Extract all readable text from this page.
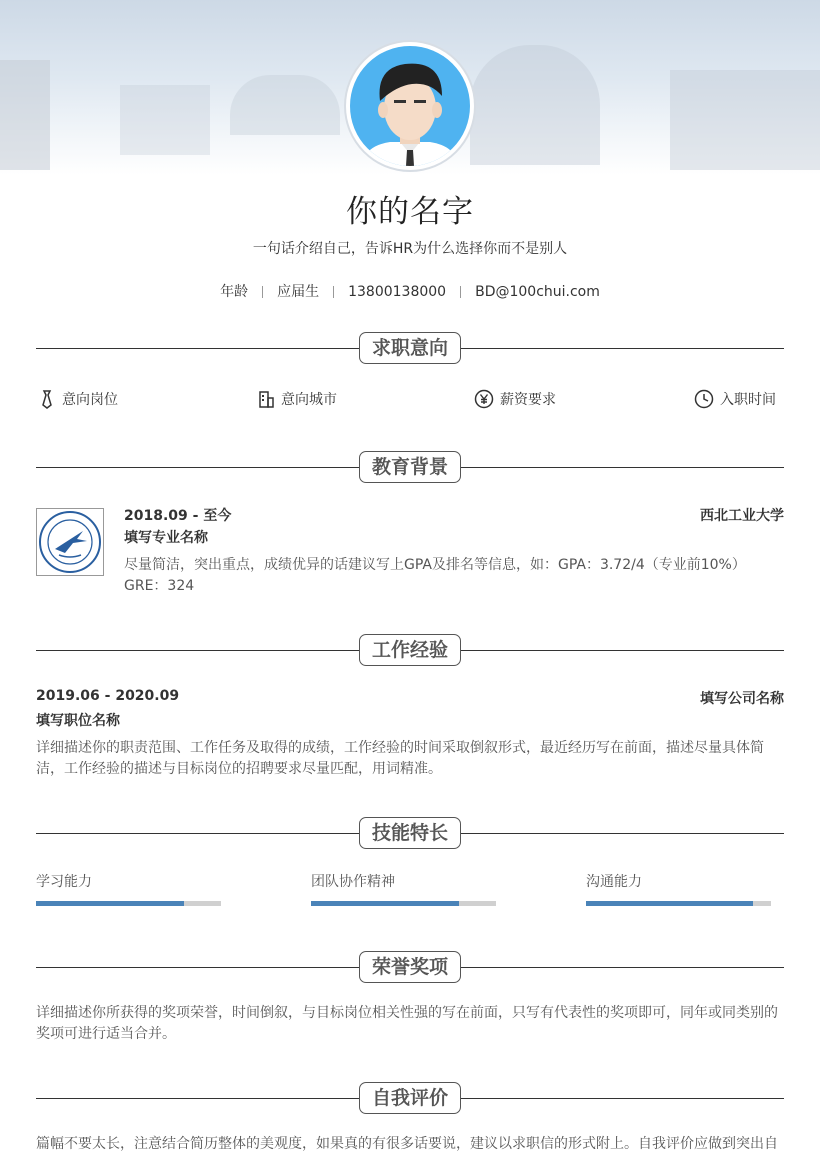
你的名字
一句话介绍自己，告诉HR为什么选择你而不是别人
年龄 应届生 13800138000 BD@100chui.com
求职意向
意向岗位	意向城市	薪资要求	入职时间
教育背景
2018.09 - 至今	西北工业大学
填写专业名称
尽量简洁，突出重点，成绩优异的话建议写上GPA及排名等信息，如：GPA：3.72/4（专业前10%） GRE：324
工作经验
2019.06 - 2020.09	填写公司名称
填写职位名称
详细描述你的职责范围、工作任务及取得的成绩，工作经验的时间采取倒叙形式，最近经历写在前面，描述尽量具体简洁，工作经验的描述与目标岗位的招聘要求尽量匹配，用词精准。
技能特长
学习能力	团队协作精神	沟通能力
荣誉奖项
详细描述你所获得的奖项荣誉，时间倒叙，与目标岗位相关性强的写在前面，只写有代表性的奖项即可，同年或同类别的奖项可进行适当合并。
自我评价
篇幅不要太长，注意结合简历整体的美观度，如果真的有很多话要说，建议以求职信的形式附上。自我评价应做到突出自
